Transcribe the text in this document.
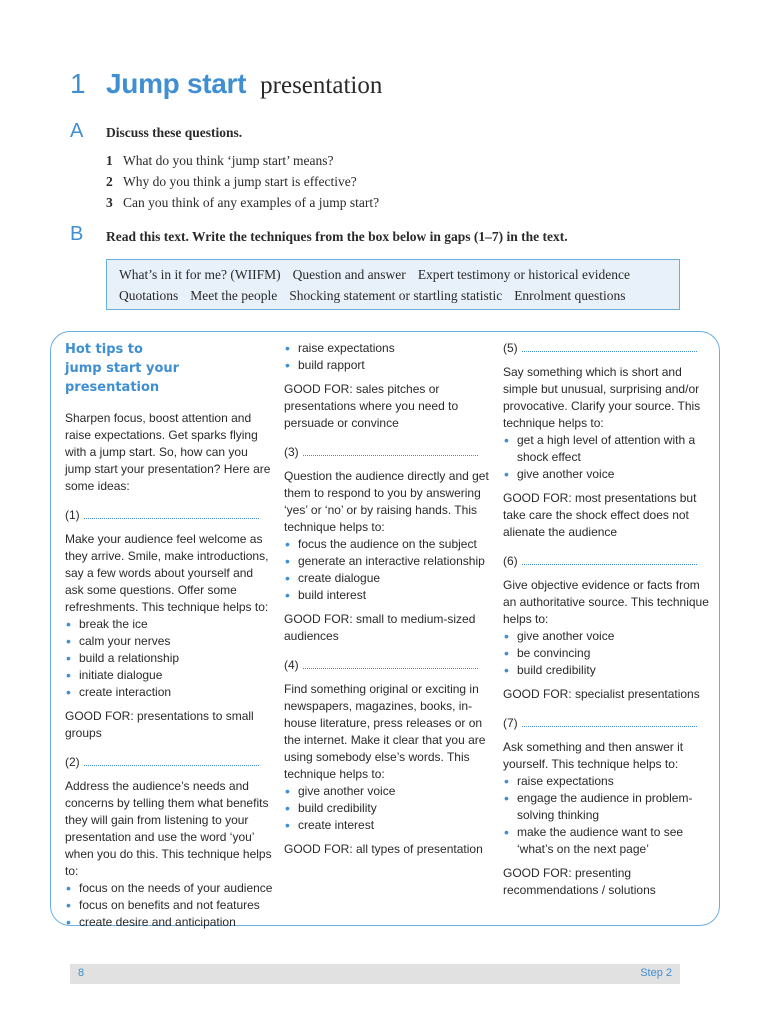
1 Jump start presentation
A Discuss these questions.
1 What do you think ‘jump start’ means?
2 Why do you think a jump start is effective?
3 Can you think of any examples of a jump start?
B Read this text. Write the techniques from the box below in gaps (1–7) in the text.
What’s in it for me? (WIIFM) Question and answer Expert testimony or historical evidence
Quotations Meet the people Shocking statement or startling statistic Enrolment questions
Hot tips to
jump start your
presentation

Sharpen focus, boost attention and raise expectations. Get sparks flying with a jump start. So, how can you jump start your presentation? Here are some ideas:

(1)

Make your audience feel welcome as they arrive. Smile, make introductions, say a few words about yourself and ask some questions. Offer some refreshments. This technique helps to:

• break the ice
• calm your nerves
• build a relationship
• initiate dialogue
• create interaction

GOOD FOR: presentations to small groups

(2)

Address the audience’s needs and concerns by telling them what benefits they will gain from listening to your presentation and use the word ‘you’ when you do this. This technique helps to:

• focus on the needs of your audience
• focus on benefits and not features
• create desire and anticipation
• raise expectations
• build rapport

GOOD FOR: sales pitches or presentations where you need to persuade or convince

(3)

Question the audience directly and get them to respond to you by answering ‘yes’ or ‘no’ or by raising hands. This technique helps to:

• focus the audience on the subject
• generate an interactive relationship
• create dialogue
• build interest

GOOD FOR: small to medium-sized audiences

(4)

Find something original or exciting in newspapers, magazines, books, in-house literature, press releases or on the internet. Make it clear that you are using somebody else’s words. This technique helps to:

• give another voice
• build credibility
• create interest

GOOD FOR: all types of presentation

(5)

Say something which is short and simple but unusual, surprising and/or provocative. Clarify your source. This technique helps to:

• get a high level of attention with a shock effect
• give another voice

GOOD FOR: most presentations but take care the shock effect does not alienate the audience

(6)

Give objective evidence or facts from an authoritative source. This technique helps to:

• give another voice
• be convincing
• build credibility

GOOD FOR: specialist presentations

(7)

Ask something and then answer it yourself. This technique helps to:

• raise expectations
• engage the audience in problem-solving thinking
• make the audience want to see ‘what’s on the next page’

GOOD FOR: presenting recommendations / solutions

8	Step 2
